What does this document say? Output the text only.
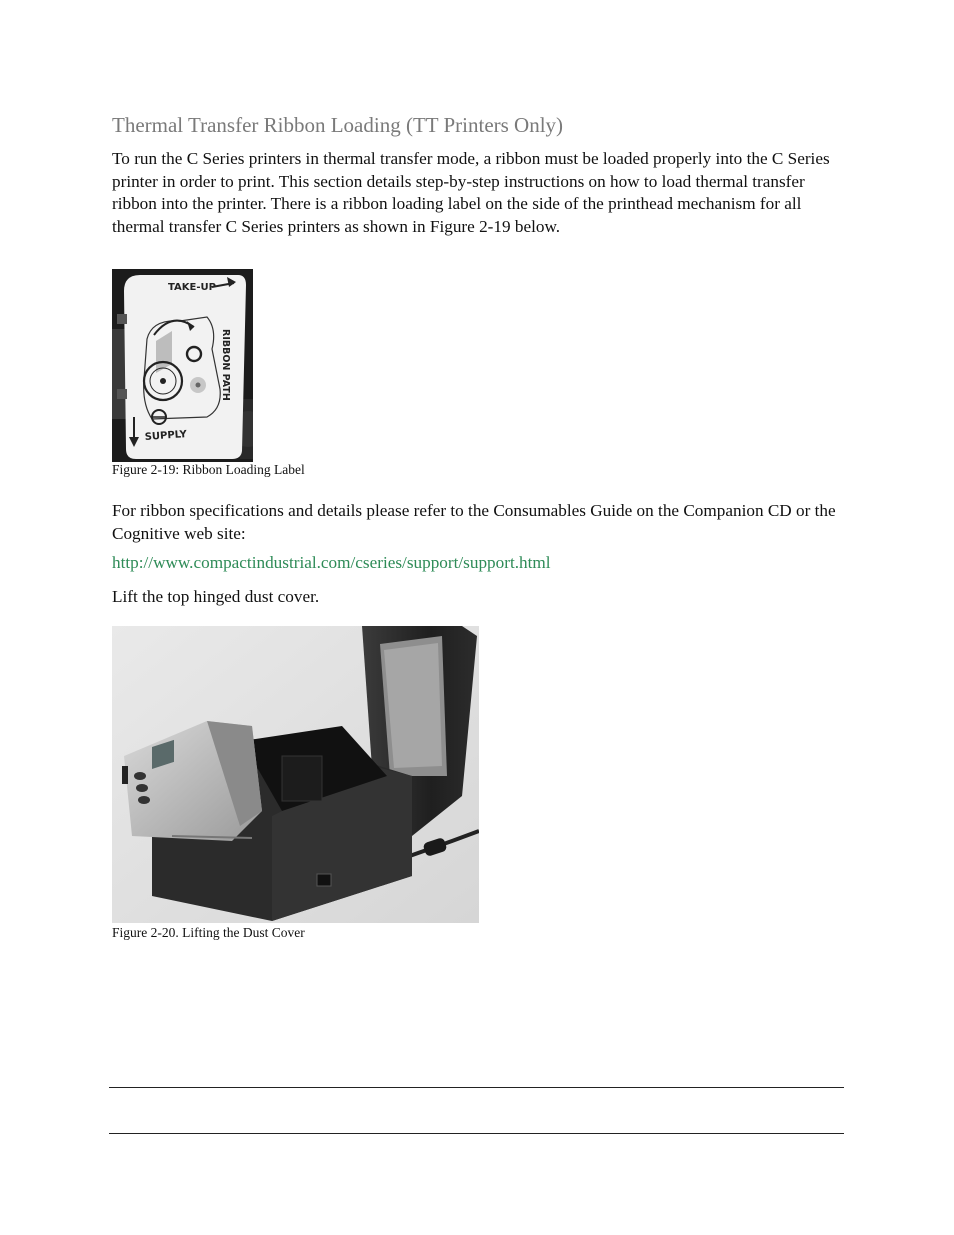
Thermal Transfer Ribbon Loading (TT Printers Only)
To run the C Series printers in thermal transfer mode, a ribbon must be loaded properly into the C Series printer in order to print. This section details step-by-step instructions on how to load thermal transfer ribbon into the printer. There is a ribbon loading label on the side of the printhead mechanism for all thermal transfer C Series printers as shown in Figure 2-19 below.
TAKE-UP
SUPPLY
RIBBON PATH
Figure 2-19: Ribbon Loading Label
For ribbon specifications and details please refer to the Consumables Guide on the Companion CD or the Cognitive web site:
http://www.compactindustrial.com/cseries/support/support.html
Lift the top hinged dust cover.
Figure 2-20. Lifting the Dust Cover
